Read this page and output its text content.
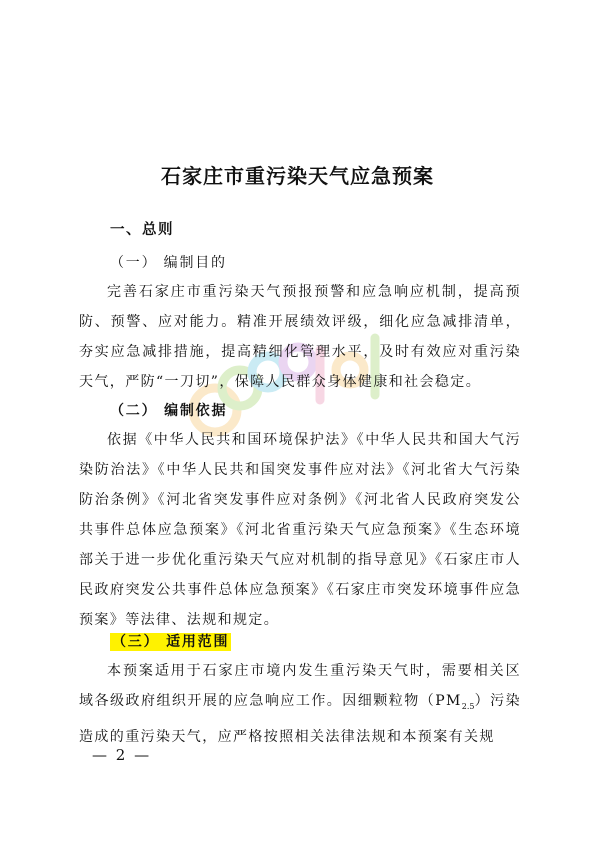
石家庄市重污染天气应急预案
一、总则
（一） 编制目的

完善石家庄市重污染天气预报预警和应急响应机制，提高预防、预警、应对能力。精准开展绩效评级，细化应急减排清单，夯实应急减排措施，提高精细化管理水平，及时有效应对重污染天气，严防“一刀切”，保障人民群众身体健康和社会稳定。

（二） 编制依据

依据《中华人民共和国环境保护法》《中华人民共和国大气污染防治法》《中华人民共和国突发事件应对法》《河北省大气污染防治条例》《河北省突发事件应对条例》《河北省人民政府突发公共事件总体应急预案》《河北省重污染天气应急预案》《生态环境部关于进一步优化重污染天气应对机制的指导意见》《石家庄市人民政府突发公共事件总体应急预案》《石家庄市突发环境事件应急预案》等法律、法规和规定。

（三） 适用范围

本预案适用于石家庄市境内发生重污染天气时，需要相关区域各级政府组织开展的应急响应工作。因细颗粒物$(PM_{2.5})$污染造成的重污染天气，应严格按照相关法律法规和本预案有关规

— 2 —
